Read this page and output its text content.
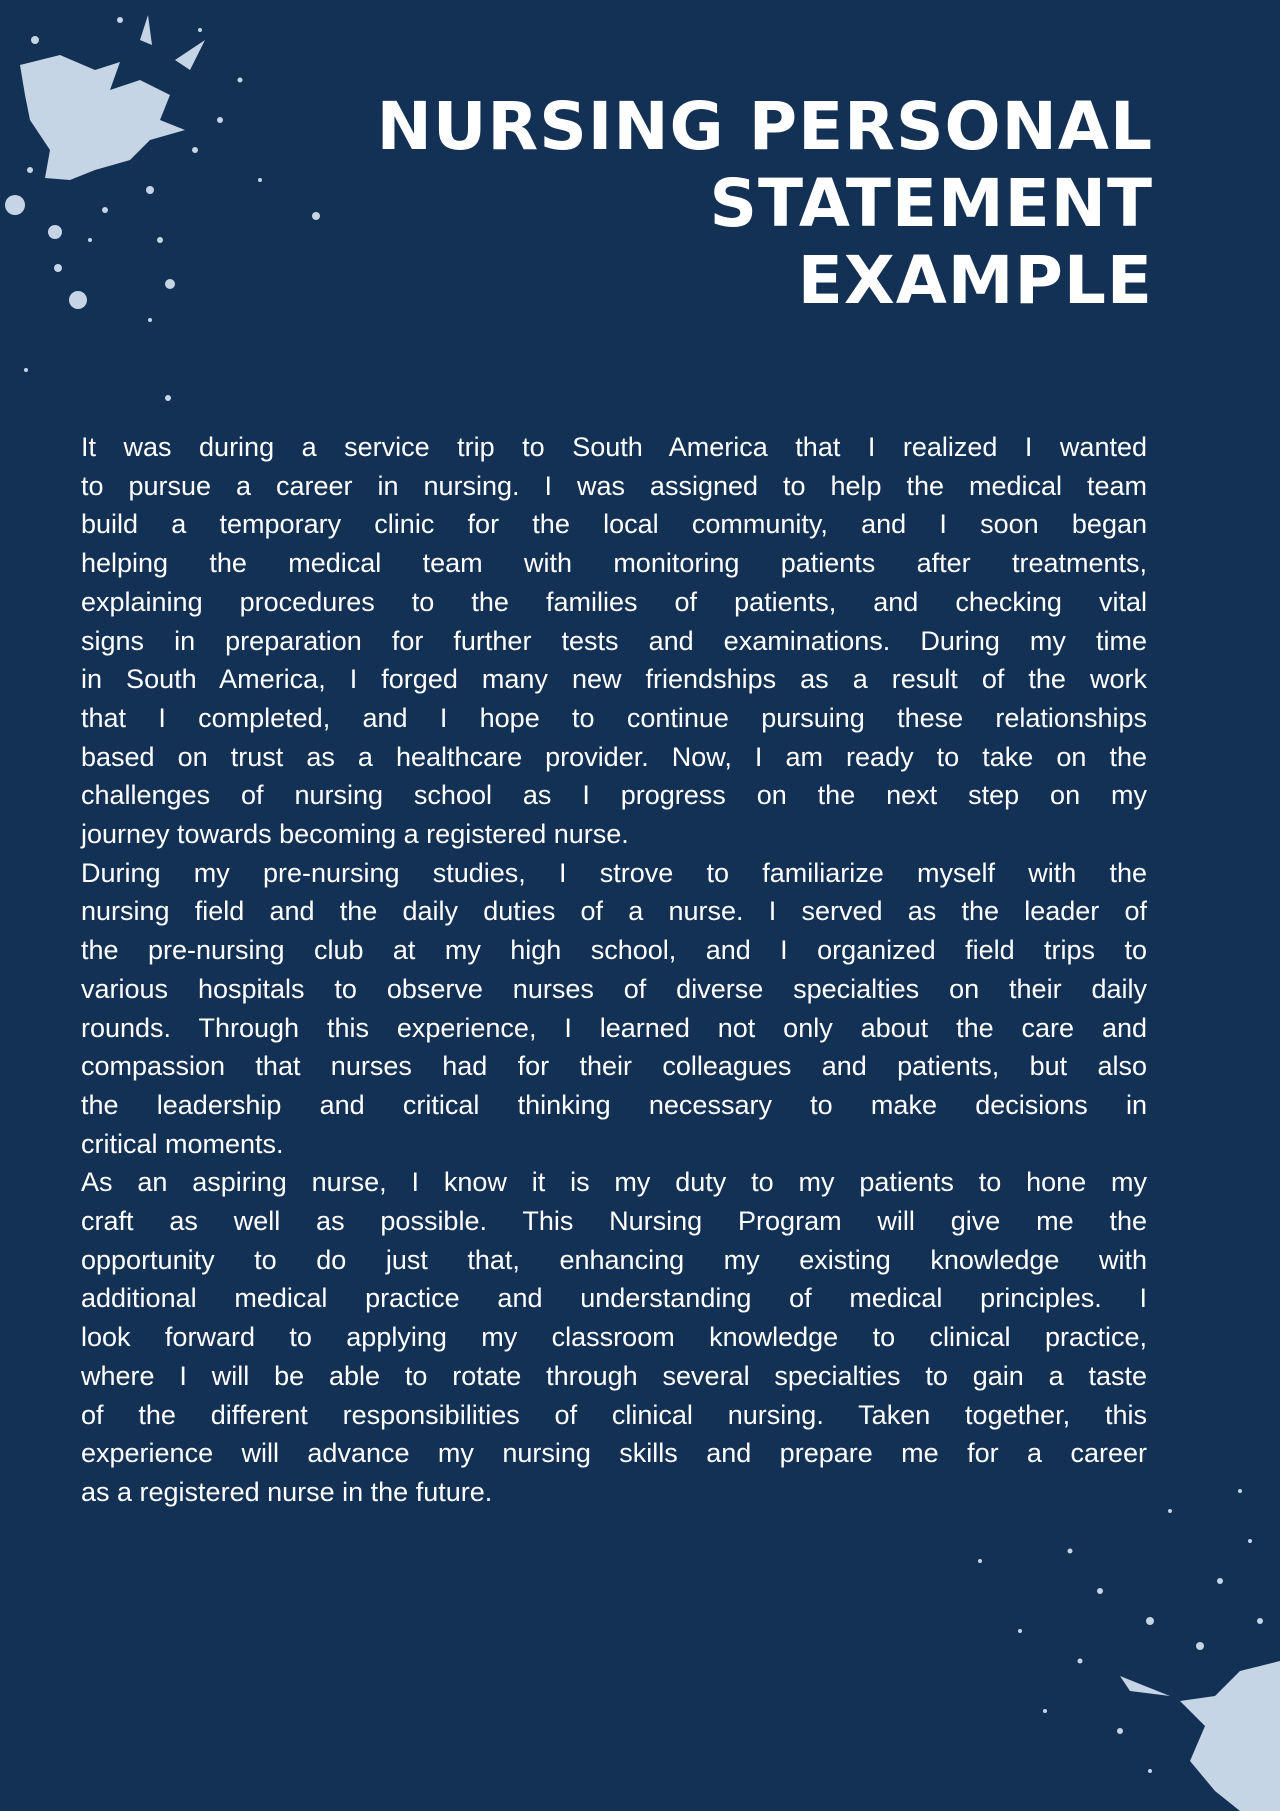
NURSING PERSONAL
STATEMENT
EXAMPLE
It was during a service trip to South America that I realized I wanted
to pursue a career in nursing. I was assigned to help the medical team
build a temporary clinic for the local community, and I soon began
helping the medical team with monitoring patients after treatments,
explaining procedures to the families of patients, and checking vital
signs in preparation for further tests and examinations. During my time
in South America, I forged many new friendships as a result of the work
that I completed, and I hope to continue pursuing these relationships
based on trust as a healthcare provider. Now, I am ready to take on the
challenges of nursing school as I progress on the next step on my
journey towards becoming a registered nurse.
During my pre-nursing studies, I strove to familiarize myself with the
nursing field and the daily duties of a nurse. I served as the leader of
the pre-nursing club at my high school, and I organized field trips to
various hospitals to observe nurses of diverse specialties on their daily
rounds. Through this experience, I learned not only about the care and
compassion that nurses had for their colleagues and patients, but also
the leadership and critical thinking necessary to make decisions in
critical moments.
As an aspiring nurse, I know it is my duty to my patients to hone my
craft as well as possible. This Nursing Program will give me the
opportunity to do just that, enhancing my existing knowledge with
additional medical practice and understanding of medical principles. I
look forward to applying my classroom knowledge to clinical practice,
where I will be able to rotate through several specialties to gain a taste
of the different responsibilities of clinical nursing. Taken together, this
experience will advance my nursing skills and prepare me for a career
as a registered nurse in the future.
